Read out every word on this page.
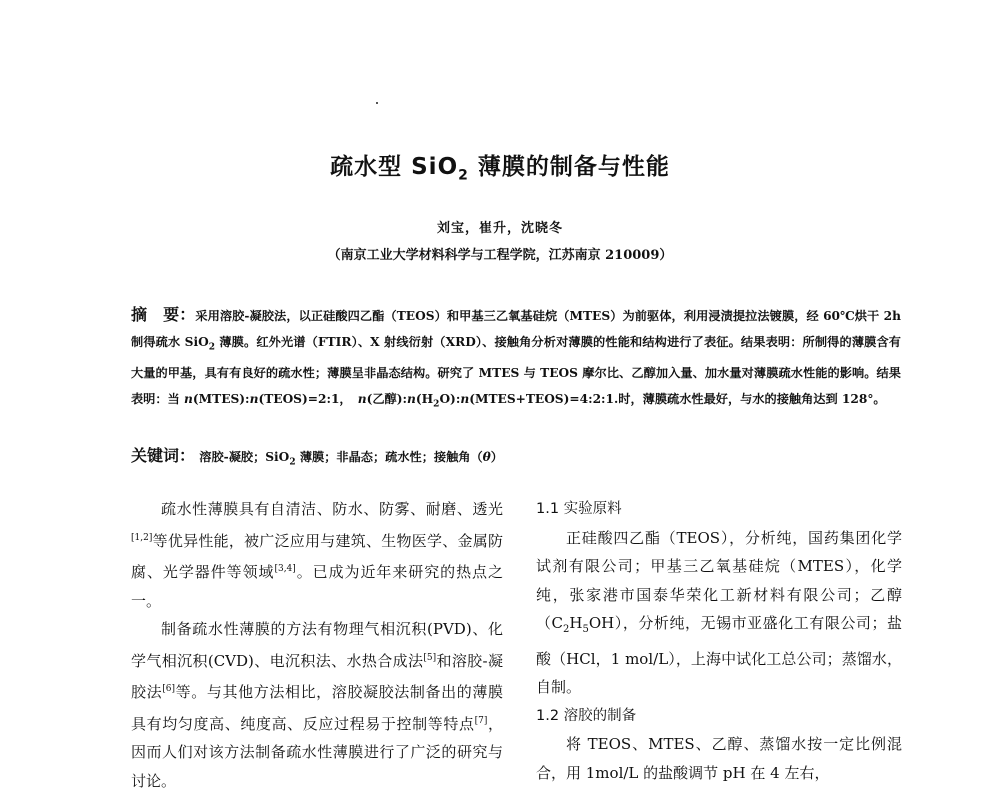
疏水型 SiO$_2$ 薄膜的制备与性能
刘宝，崔升，沈晓冬
（南京工业大学材料科学与工程学院，江苏南京 210009）
摘　要：采用溶胶-凝胶法，以正硅酸四乙酯（TEOS）和甲基三乙氧基硅烷（MTES）为前驱体，利用浸渍提拉法镀膜，经 60℃烘干 2h 制得疏水 SiO$_2$ 薄膜。红外光谱（FTIR）、X 射线衍射（XRD）、接触角分析对薄膜的性能和结构进行了表征。结果表明：所制得的薄膜含有大量的甲基，具有有良好的疏水性；薄膜呈非晶态结构。研究了 MTES 与 TEOS 摩尔比、乙醇加入量、加水量对薄膜疏水性能的影响。结果表明：当 n(MTES):n(TEOS)=2:1，　n(乙醇)$:n(H_2O):n(MTES+TEOS)=4:2:1$.时，薄膜疏水性最好，与水的接触角达到 128°。
关键词： 溶胶-凝胶；SiO$_2$ 薄膜；非晶态；疏水性；接触角（θ）

疏水性薄膜具有自清洁、防水、防雾、耐磨、透光[1,2]等优异性能，被广泛应用与建筑、生物医学、金属防腐、光学器件等领域[3,4]。已成为近年来研究的热点之一。

制备疏水性薄膜的方法有物理气相沉积(PVD)、化学气相沉积(CVD)、电沉积法、水热合成法[5]和溶胶-凝胶法[6]等。与其他方法相比，溶胶凝胶法制备出的薄膜具有均匀度高、纯度高、反应过程易于控制等特点[7]，因而人们对该方法制备疏水性薄膜进行了广泛的研究与讨论。

1.1 实验原料

正硅酸四乙酯（TEOS），分析纯，国药集团化学试剂有限公司；甲基三乙氧基硅烷（MTES），化学纯，张家港市国泰华荣化工新材料有限公司；乙醇$(C_2H_5OH)$，分析纯，无锡市亚盛化工有限公司；盐酸（HCl，1 mol/L），上海中试化工总公司；蒸馏水，自制。

1.2 溶胶的制备

将 TEOS、MTES、乙醇、蒸馏水按一定比例混合，用 1mol/L 的盐酸调节 pH 在 4 左右，
